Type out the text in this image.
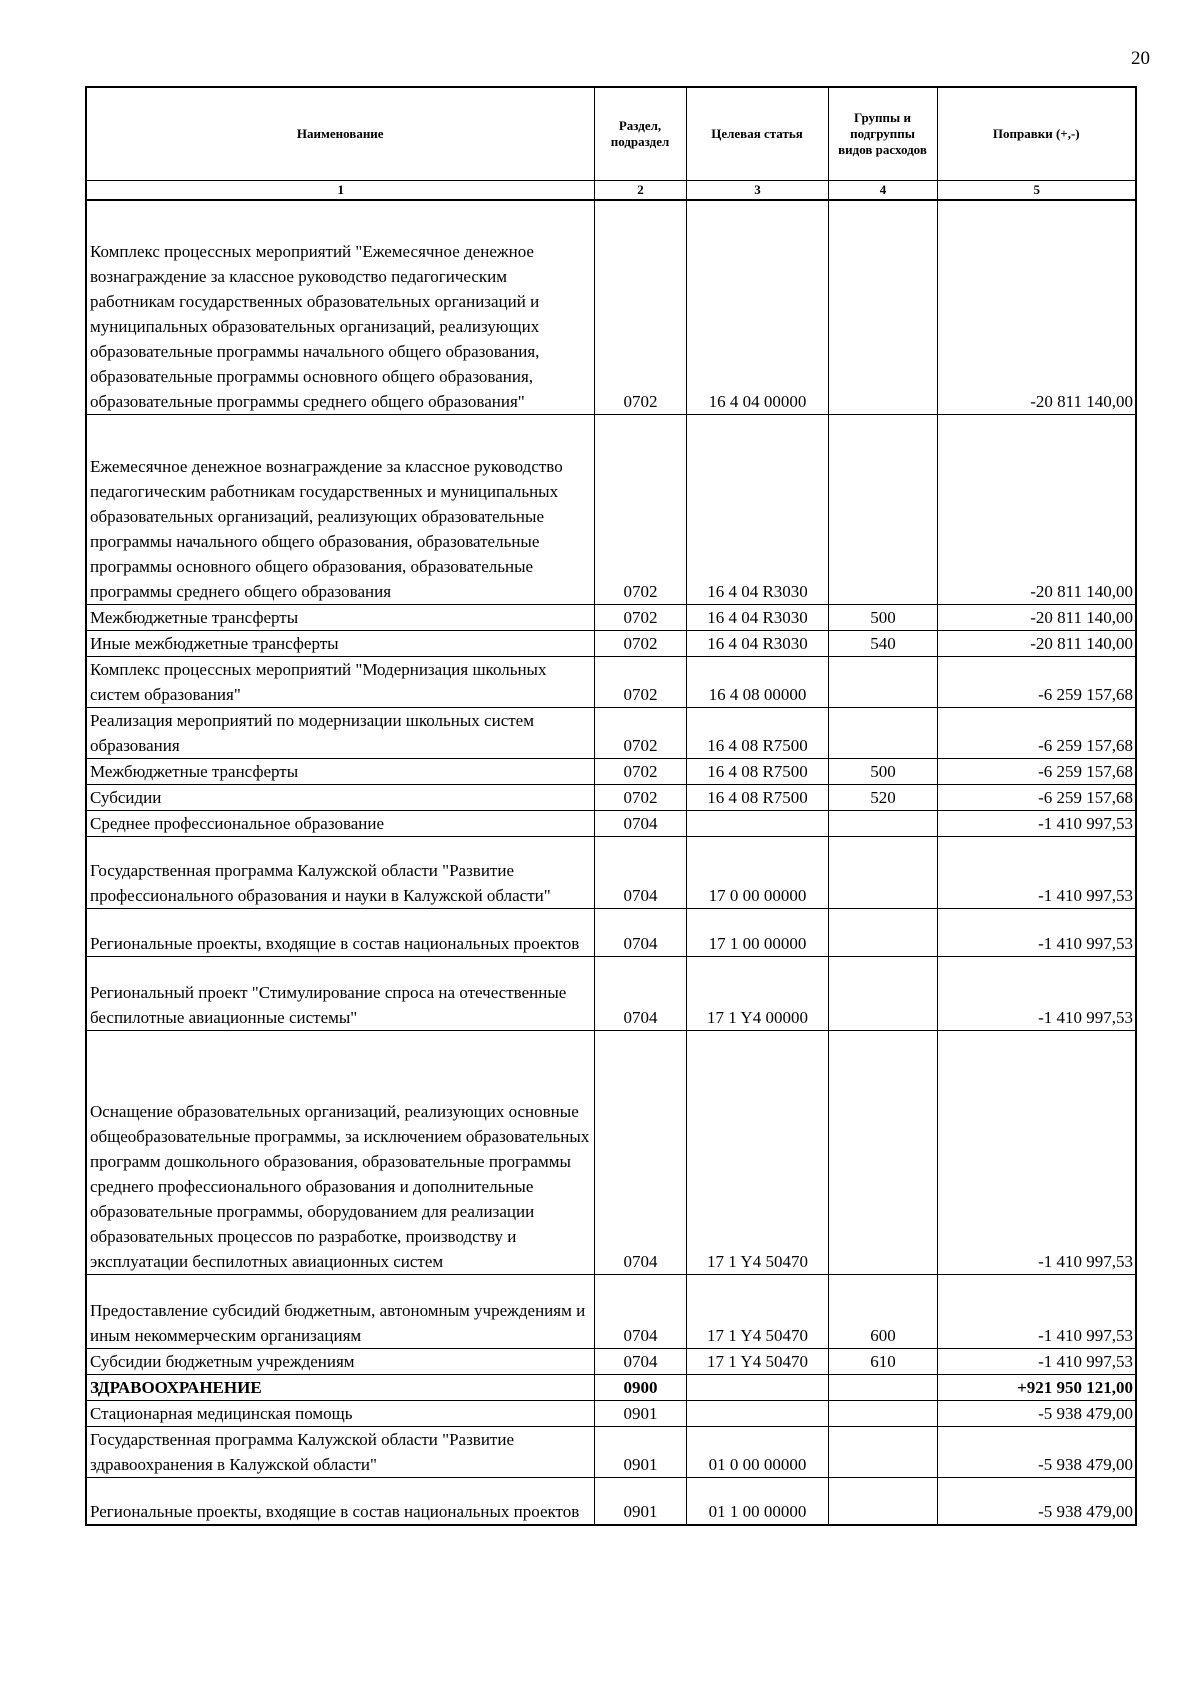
20
Наименование	Раздел, подраздел	Целевая статья	Группы и подгруппы видов расходов	Поправки (+,-)
1	2	3	4	5
Комплекс процессных мероприятий "Ежемесячное денежное вознаграждение за классное руководство педагогическим работникам государственных образовательных организаций и муниципальных образовательных организаций, реализующих образовательные программы начального общего образования, образовательные программы основного общего образования, образовательные программы среднего общего образования"	0702	16 4 04 00000		-20 811 140,00
Ежемесячное денежное вознаграждение за классное руководство педагогическим работникам государственных и муниципальных образовательных организаций, реализующих образовательные программы начального общего образования, образовательные программы основного общего образования, образовательные программы среднего общего образования	0702	16 4 04 R3030		-20 811 140,00
Межбюджетные трансферты	0702	16 4 04 R3030	500	-20 811 140,00
Иные межбюджетные трансферты	0702	16 4 04 R3030	540	-20 811 140,00
Комплекс процессных мероприятий "Модернизация школьных систем образования"	0702	16 4 08 00000		-6 259 157,68
Реализация мероприятий по модернизации школьных систем образования	0702	16 4 08 R7500		-6 259 157,68
Межбюджетные трансферты	0702	16 4 08 R7500	500	-6 259 157,68
Субсидии	0702	16 4 08 R7500	520	-6 259 157,68
Среднее профессиональное образование	0704			-1 410 997,53
Государственная программа Калужской области "Развитие профессионального образования и науки в Калужской области"	0704	17 0 00 00000		-1 410 997,53
Региональные проекты, входящие в состав национальных проектов	0704	17 1 00 00000		-1 410 997,53
Региональный проект "Стимулирование спроса на отечественные беспилотные авиационные системы"	0704	17 1 Y4 00000		-1 410 997,53
Оснащение образовательных организаций, реализующих основные общеобразовательные программы, за исключением образовательных программ дошкольного образования, образовательные программы среднего профессионального образования и дополнительные образовательные программы, оборудованием для реализации образовательных процессов по разработке, производству и эксплуатации беспилотных авиационных систем	0704	17 1 Y4 50470		-1 410 997,53
Предоставление субсидий бюджетным, автономным учреждениям и иным некоммерческим организациям	0704	17 1 Y4 50470	600	-1 410 997,53
Субсидии бюджетным учреждениям	0704	17 1 Y4 50470	610	-1 410 997,53
ЗДРАВООХРАНЕНИЕ	0900			+921 950 121,00
Стационарная медицинская помощь	0901			-5 938 479,00
Государственная программа Калужской области "Развитие здравоохранения в Калужской области"	0901	01 0 00 00000		-5 938 479,00
Региональные проекты, входящие в состав национальных проектов	0901	01 1 00 00000		-5 938 479,00
